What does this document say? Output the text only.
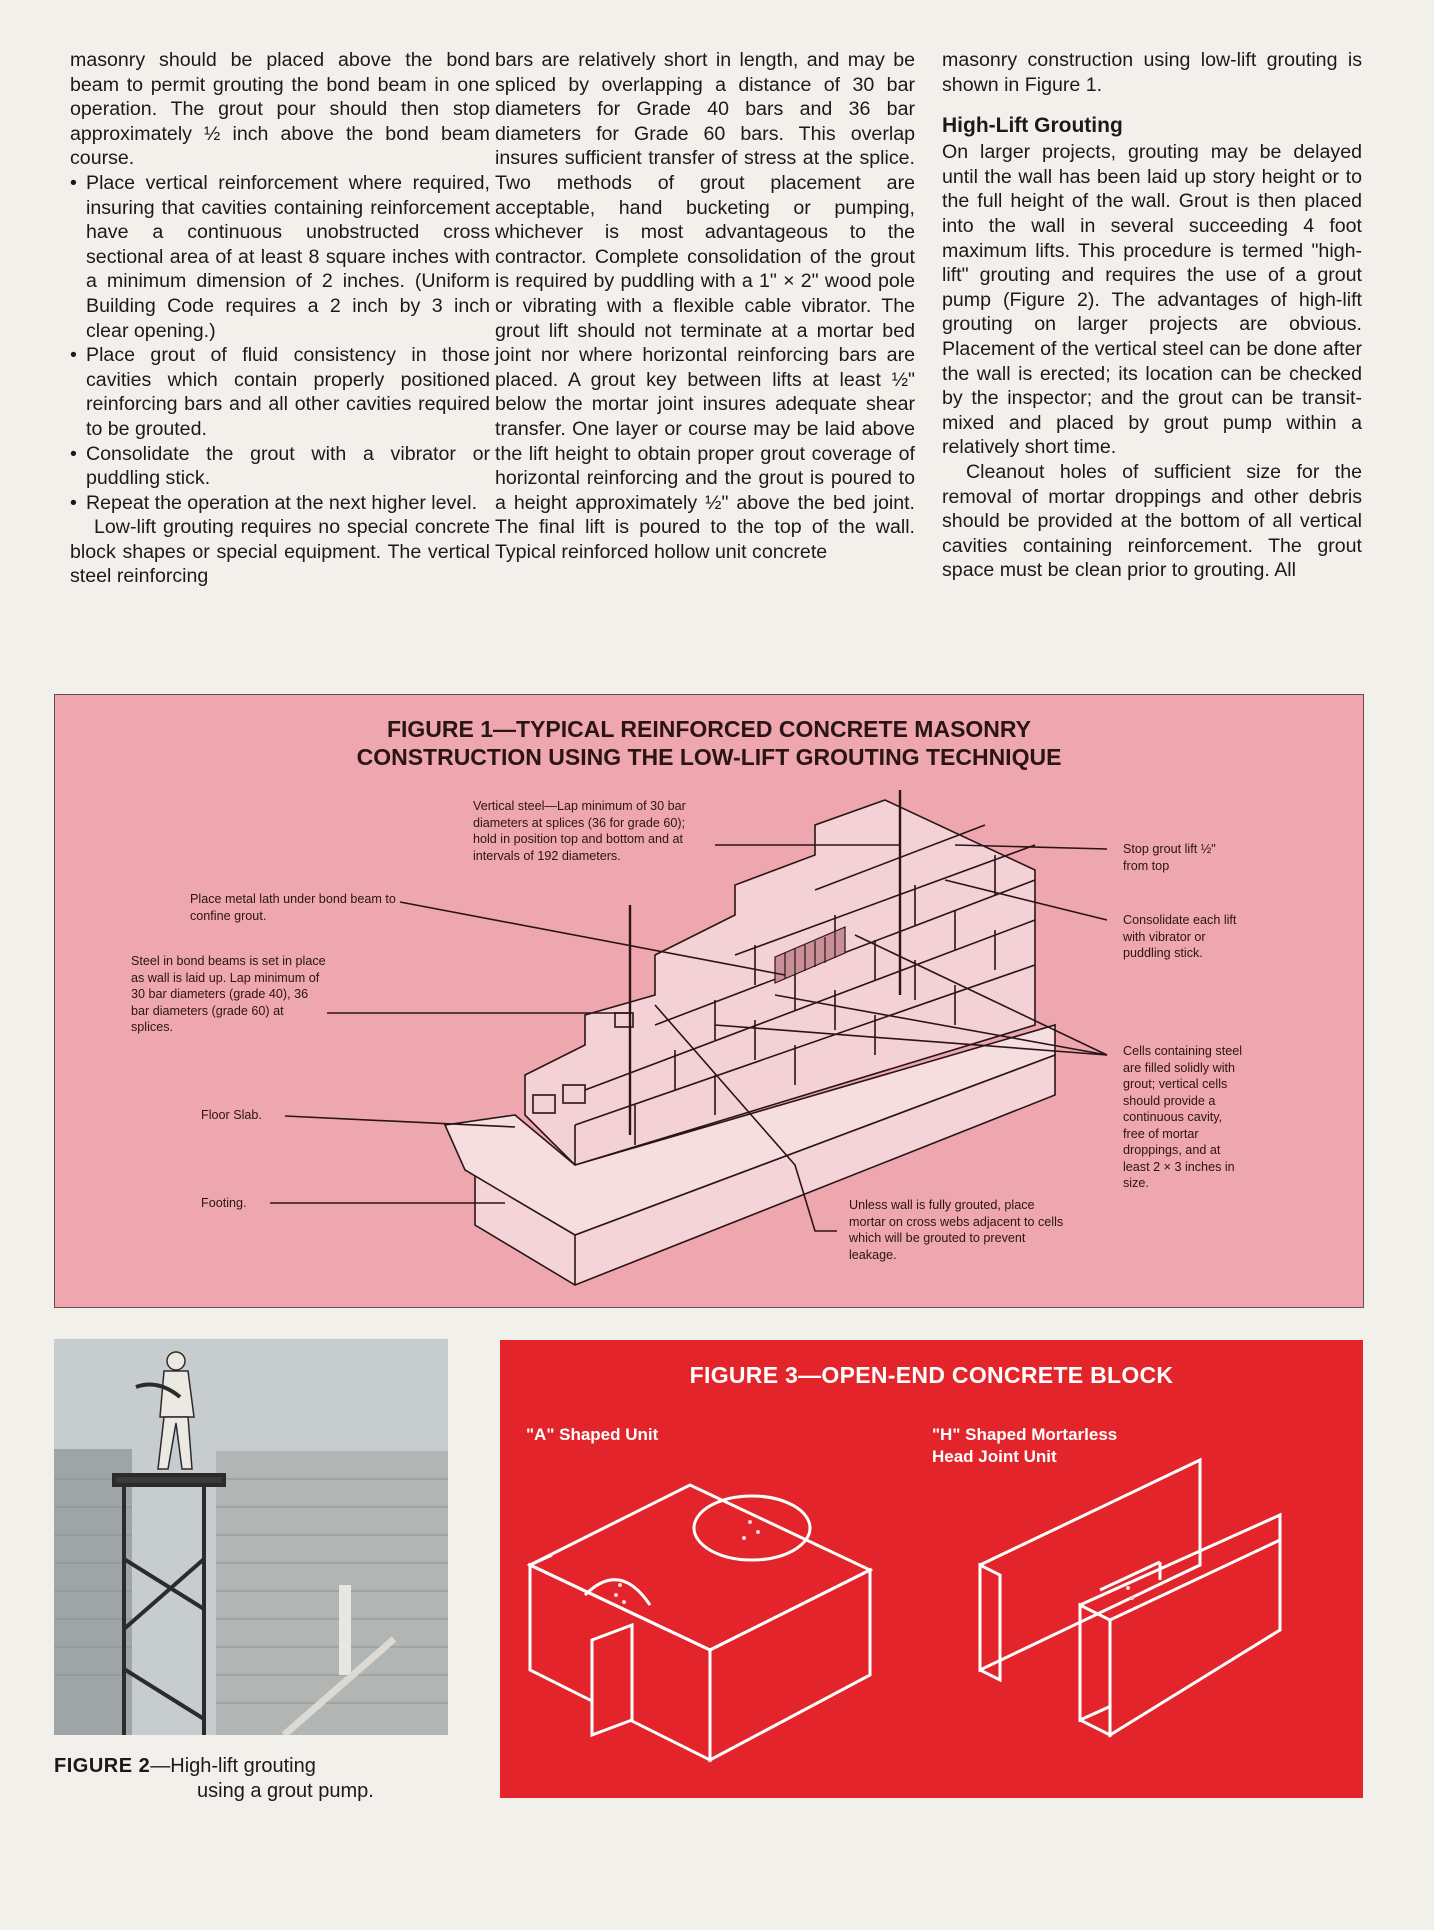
masonry should be placed above the bond beam to permit grouting the bond beam in one operation. The grout pour should then stop approximately ½ inch above the bond beam course.

• Place vertical reinforcement where required, insuring that cavities containing reinforcement have a continuous unobstructed cross sectional area of at least 8 square inches with a minimum dimension of 2 inches. (Uniform Building Code requires a 2 inch by 3 inch clear opening.)
• Place grout of fluid consistency in those cavities which contain properly positioned reinforcing bars and all other cavities required to be grouted.
• Consolidate the grout with a vibrator or puddling stick.
• Repeat the operation at the next higher level.

Low-lift grouting requires no special concrete block shapes or special equipment. The vertical steel reinforcing

bars are relatively short in length, and may be spliced by overlapping a distance of 30 bar diameters for Grade 40 bars and 36 bar diameters for Grade 60 bars. This overlap insures sufficient transfer of stress at the splice. Two methods of grout placement are acceptable, hand bucketing or pumping, whichever is most advantageous to the contractor. Complete consolidation of the grout is required by puddling with a 1" × 2" wood pole or vibrating with a flexible cable vibrator. The grout lift should not terminate at a mortar bed joint nor where horizontal reinforcing bars are placed. A grout key between lifts at least ½" below the mortar joint insures adequate shear transfer. One layer or course may be laid above the lift height to obtain proper grout coverage of horizontal reinforcing and the grout is poured to a height approximately ½" above the bed joint. The final lift is poured to the top of the wall. Typical reinforced hollow unit concrete

masonry construction using low-lift grouting is shown in Figure 1.

High-Lift Grouting

On larger projects, grouting may be delayed until the wall has been laid up story height or to the full height of the wall. Grout is then placed into the wall in several succeeding 4 foot maximum lifts. This procedure is termed "high-lift" grouting and requires the use of a grout pump (Figure 2). The advantages of high-lift grouting on larger projects are obvious. Placement of the vertical steel can be done after the wall is erected; its location can be checked by the inspector; and the grout can be transit-mixed and placed by grout pump within a relatively short time.

Cleanout holes of sufficient size for the removal of mortar droppings and other debris should be provided at the bottom of all vertical cavities containing reinforcement. The grout space must be clean prior to grouting. All

FIGURE 1—TYPICAL REINFORCED CONCRETE MASONRY
CONSTRUCTION USING THE LOW-LIFT GROUTING TECHNIQUE
Vertical steel—Lap minimum of 30 bar diameters at splices (36 for grade 60); hold in position top and bottom and at intervals of 192 diameters.
Place metal lath under bond beam to confine grout.
Steel in bond beams is set in place as wall is laid up. Lap minimum of 30 bar diameters (grade 40), 36 bar diameters (grade 60) at splices.
Floor Slab.
Footing.
Stop grout lift ½" from top
Consolidate each lift with vibrator or puddling stick.
Cells containing steel are filled solidly with grout; vertical cells should provide a continuous cavity, free of mortar droppings, and at least 2 × 3 inches in size.
Unless wall is fully grouted, place mortar on cross webs adjacent to cells which will be grouted to prevent leakage.
FIGURE 2—High-lift grouting
using a grout pump.
FIGURE 3—OPEN-END CONCRETE BLOCK
"A" Shaped Unit	"H" Shaped Mortarless
Head Joint Unit
